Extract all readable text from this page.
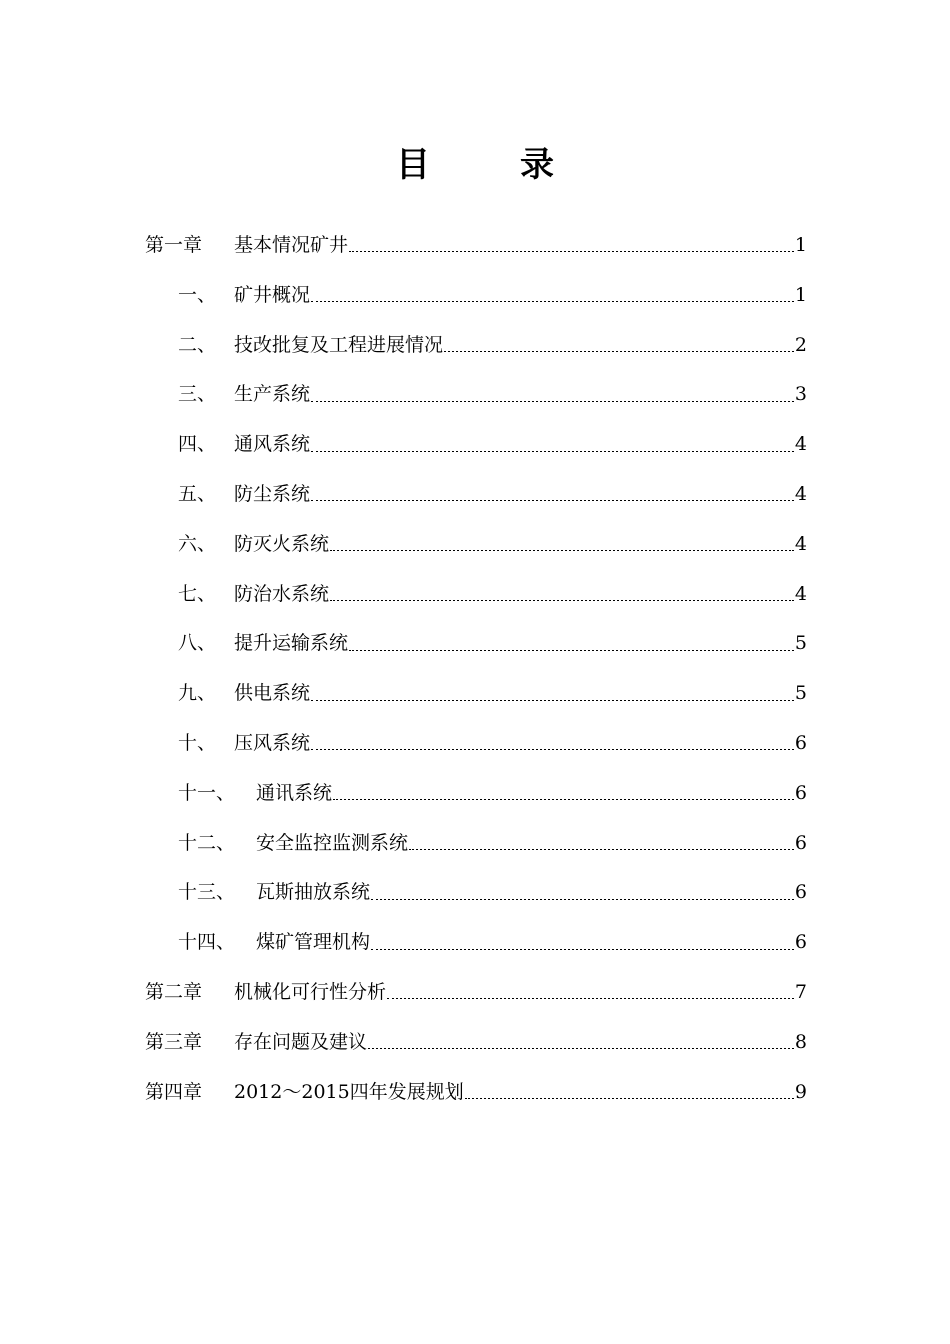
目　录
第一章	基本情况矿井	1
一、 矿井概况	1
二、 技改批复及工程进展情况	2
三、 生产系统	3
四、 通风系统	4
五、 防尘系统	4
六、 防灭火系统	4
七、 防治水系统	4
八、 提升运输系统	5
九、 供电系统	5
十、 压风系统	6
十一、	通讯系统	6
十二、	安全监控监测系统	6
十三、	瓦斯抽放系统	6
十四、	煤矿管理机构	6
第二章	机械化可行性分析	7
第三章	存在问题及建议	8
第四章	2012～2015四年发展规划	9
